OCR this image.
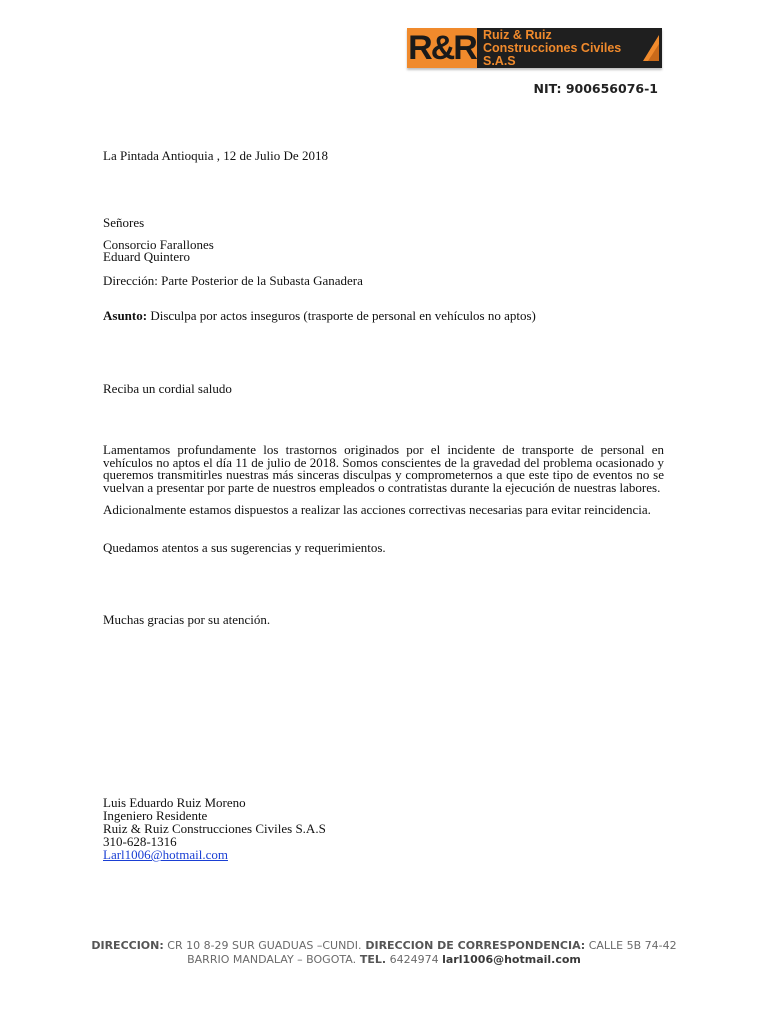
R&R Ruiz & Ruiz
Construcciones Civiles S.A.S
NIT: 900656076-1
La Pintada Antioquia , 12 de Julio De 2018
Señores
Consorcio Farallones
Eduard Quintero
Dirección: Parte Posterior de la Subasta Ganadera
Asunto: Disculpa por actos inseguros (trasporte de personal en vehículos no aptos)
Reciba un cordial saludo
Lamentamos profundamente los trastornos originados por el incidente de transporte de personal en vehículos no aptos el día 11 de julio de 2018. Somos conscientes de la gravedad del problema ocasionado y queremos transmitirles nuestras más sinceras disculpas y comprometernos a que este tipo de eventos no se vuelvan a presentar por parte de nuestros empleados o contratistas durante la ejecución de nuestras labores.
Adicionalmente estamos dispuestos a realizar las acciones correctivas necesarias para evitar reincidencia.
Quedamos atentos a sus sugerencias y requerimientos.
Muchas gracias por su atención.
Luis Eduardo Ruiz Moreno
Ingeniero Residente
Ruiz & Ruiz Construcciones Civiles S.A.S
310-628-1316
Larl1006@hotmail.com
DIRECCION: CR 10 8-29 SUR GUADUAS –CUNDI. DIRECCION DE CORRESPONDENCIA: CALLE 5B 74-42
BARRIO MANDALAY – BOGOTA. TEL. 6424974 larl1006@hotmail.com
